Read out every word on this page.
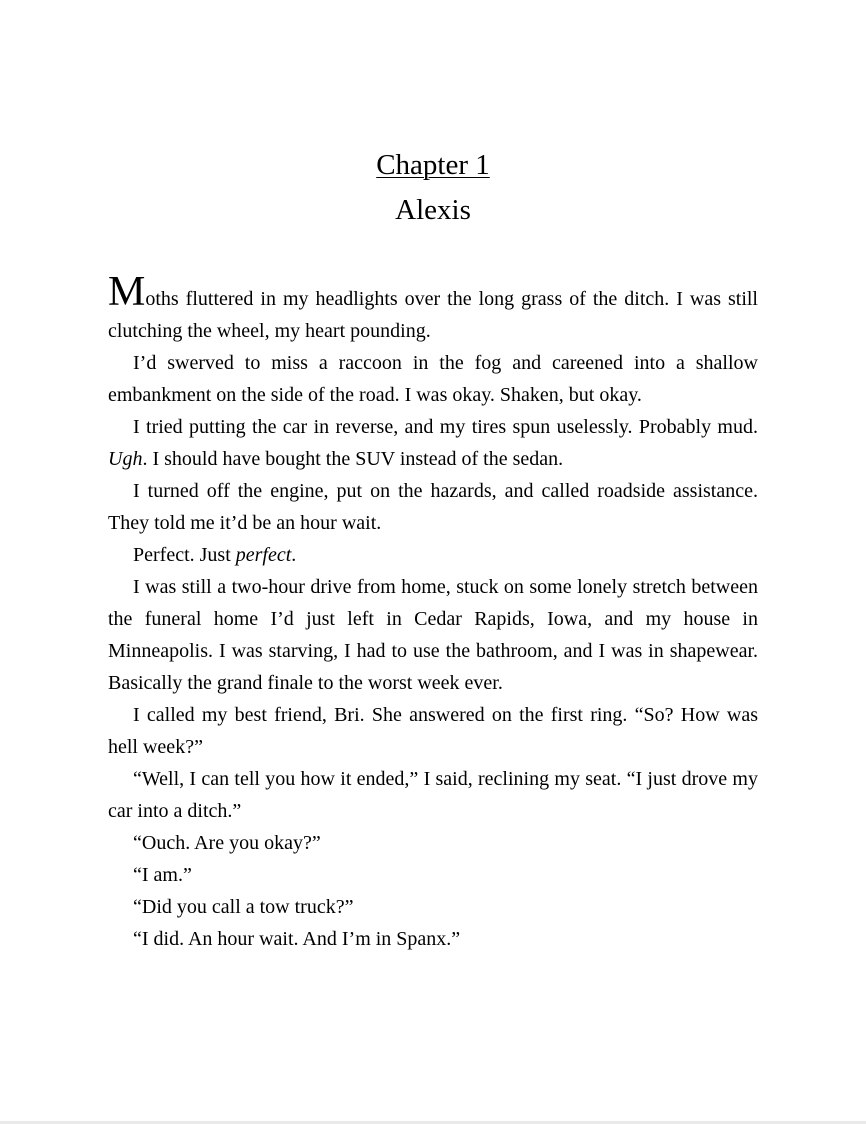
Chapter 1
Alexis

Moths fluttered in my headlights over the long grass of the ditch. I was still clutching the wheel, my heart pounding.

I’d swerved to miss a raccoon in the fog and careened into a shallow embankment on the side of the road. I was okay. Shaken, but okay.

I tried putting the car in reverse, and my tires spun uselessly. Probably mud. Ugh. I should have bought the SUV instead of the sedan.

I turned off the engine, put on the hazards, and called roadside assistance. They told me it’d be an hour wait.

Perfect. Just perfect.

I was still a two-hour drive from home, stuck on some lonely stretch between the funeral home I’d just left in Cedar Rapids, Iowa, and my house in Minneapolis. I was starving, I had to use the bathroom, and I was in shapewear. Basically the grand finale to the worst week ever.

I called my best friend, Bri. She answered on the first ring. “So? How was hell week?”

“Well, I can tell you how it ended,” I said, reclining my seat. “I just drove my car into a ditch.”

“Ouch. Are you okay?”

“I am.”

“Did you call a tow truck?”

“I did. An hour wait. And I’m in Spanx.”
